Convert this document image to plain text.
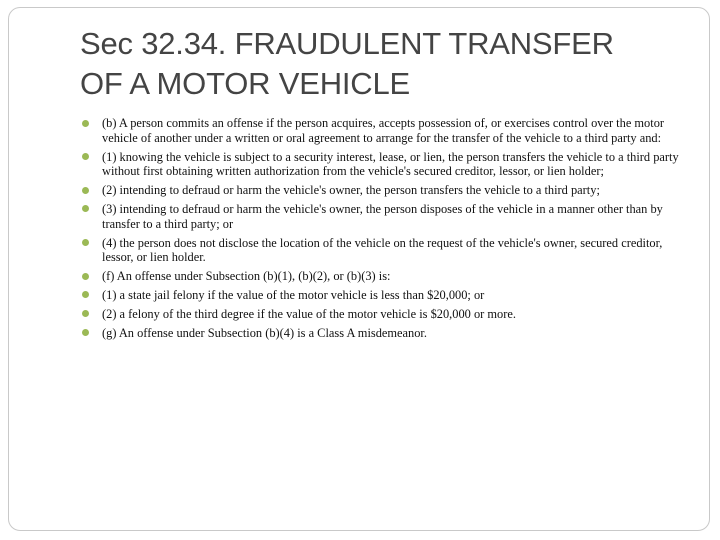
Sec 32.34. FRAUDULENT TRANSFER
OF A MOTOR VEHICLE
(b) A person commits an offense if the person acquires, accepts possession of, or exercises control over the motor vehicle of another under a written or oral agreement to arrange for the transfer of the vehicle to a third party and:
(1) knowing the vehicle is subject to a security interest, lease, or lien, the person transfers the vehicle to a third party without first obtaining written authorization from the vehicle's secured creditor, lessor, or lien holder;
(2) intending to defraud or harm the vehicle's owner, the person transfers the vehicle to a third party;
(3) intending to defraud or harm the vehicle's owner, the person disposes of the vehicle in a manner other than by transfer to a third party; or
(4) the person does not disclose the location of the vehicle on the request of the vehicle's owner, secured creditor, lessor, or lien holder.
(f) An offense under Subsection (b)(1), (b)(2), or (b)(3) is:
(1) a state jail felony if the value of the motor vehicle is less than $20,000; or
(2) a felony of the third degree if the value of the motor vehicle is $20,000 or more.
(g) An offense under Subsection (b)(4) is a Class A misdemeanor.
